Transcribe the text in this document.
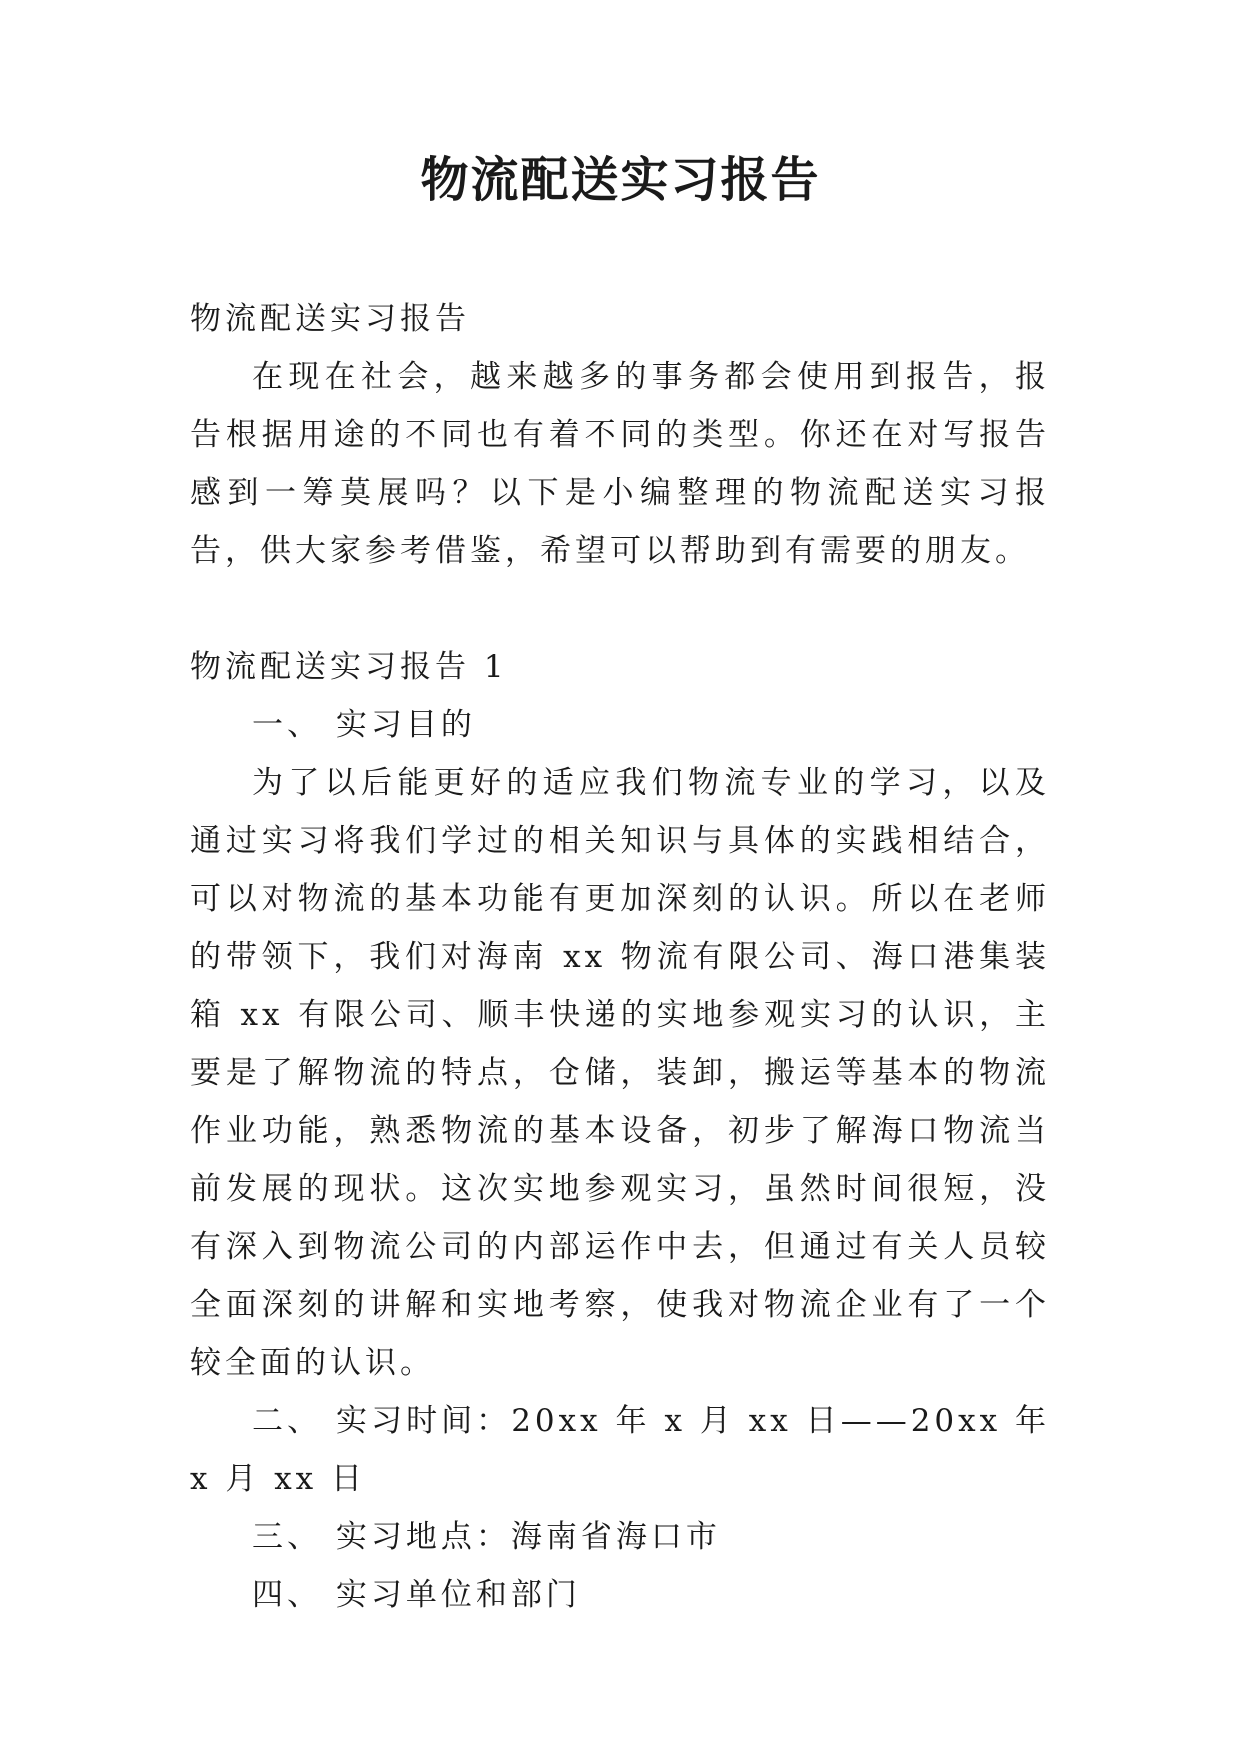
物流配送实习报告

物流配送实习报告

在现在社会，越来越多的事务都会使用到报告，报告根据用途的不同也有着不同的类型。你还在对写报告感到一筹莫展吗？以下是小编整理的物流配送实习报告，供大家参考借鉴，希望可以帮助到有需要的朋友。

物流配送实习报告 1

一、 实习目的

为了以后能更好的适应我们物流专业的学习，以及通过实习将我们学过的相关知识与具体的实践相结合，可以对物流的基本功能有更加深刻的认识。所以在老师的带领下，我们对海南 xx 物流有限公司、海口港集装箱 xx 有限公司、顺丰快递的实地参观实习的认识，主要是了解物流的特点，仓储，装卸，搬运等基本的物流作业功能，熟悉物流的基本设备，初步了解海口物流当前发展的现状。这次实地参观实习，虽然时间很短，没有深入到物流公司的内部运作中去，但通过有关人员较全面深刻的讲解和实地考察，使我对物流企业有了一个较全面的认识。

二、 实习时间：20xx 年 x 月 xx 日——20xx 年 x 月 xx 日

三、 实习地点：海南省海口市

四、 实习单位和部门
